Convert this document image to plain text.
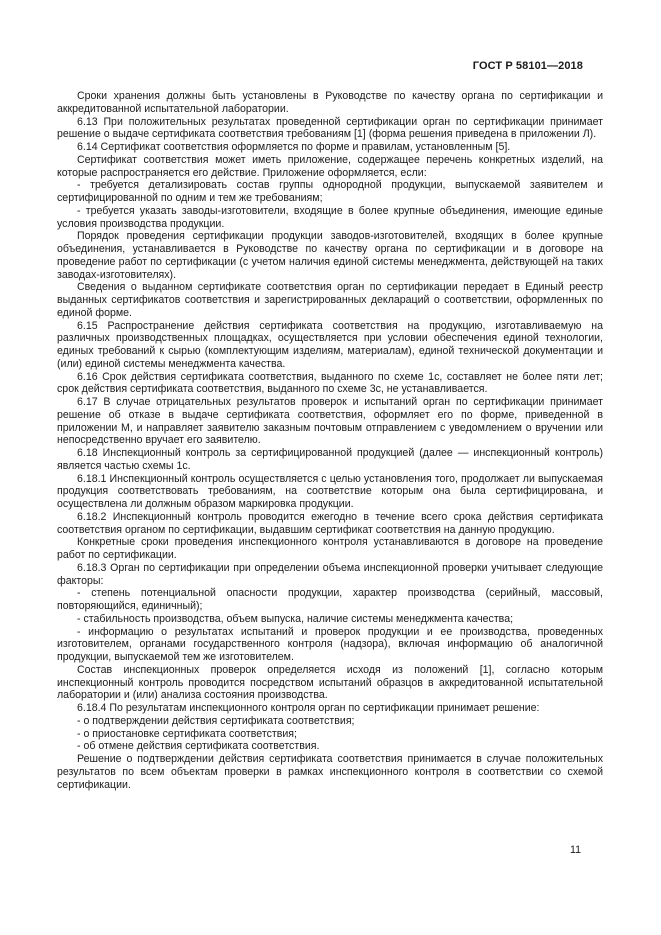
ГОСТ Р 58101—2018

Сроки хранения должны быть установлены в Руководстве по качеству органа по сертификации и аккредитованной испытательной лаборатории.

6.13 При положительных результатах проведенной сертификации орган по сертификации принимает решение о выдаче сертификата соответствия требованиям [1] (форма решения приведена в приложении Л).

6.14 Сертификат соответствия оформляется по форме и правилам, установленным [5].

Сертификат соответствия может иметь приложение, содержащее перечень конкретных изделий, на которые распространяется его действие. Приложение оформляется, если:

- требуется детализировать состав группы однородной продукции, выпускаемой заявителем и сертифицированной по одним и тем же требованиям;

- требуется указать заводы-изготовители, входящие в более крупные объединения, имеющие единые условия производства продукции.

Порядок проведения сертификации продукции заводов-изготовителей, входящих в более крупные объединения, устанавливается в Руководстве по качеству органа по сертификации и в договоре на проведение работ по сертификации (с учетом наличия единой системы менеджмента, действующей на таких заводах-изготовителях).

Сведения о выданном сертификате соответствия орган по сертификации передает в Единый реестр выданных сертификатов соответствия и зарегистрированных деклараций о соответствии, оформленных по единой форме.

6.15 Распространение действия сертификата соответствия на продукцию, изготавливаемую на различных производственных площадках, осуществляется при условии обеспечения единой технологии, единых требований к сырью (комплектующим изделиям, материалам), единой технической документации и (или) единой системы менеджмента качества.

6.16 Срок действия сертификата соответствия, выданного по схеме 1с, составляет не более пяти лет; срок действия сертификата соответствия, выданного по схеме 3с, не устанавливается.

6.17 В случае отрицательных результатов проверок и испытаний орган по сертификации принимает решение об отказе в выдаче сертификата соответствия, оформляет его по форме, приведенной в приложении М, и направляет заявителю заказным почтовым отправлением с уведомлением о вручении или непосредственно вручает его заявителю.

6.18 Инспекционный контроль за сертифицированной продукцией (далее — инспекционный контроль) является частью схемы 1с.

6.18.1 Инспекционный контроль осуществляется с целью установления того, продолжает ли выпускаемая продукция соответствовать требованиям, на соответствие которым она была сертифицирована, и осуществлена ли должным образом маркировка продукции.

6.18.2 Инспекционный контроль проводится ежегодно в течение всего срока действия сертификата соответствия органом по сертификации, выдавшим сертификат соответствия на данную продукцию.

Конкретные сроки проведения инспекционного контроля устанавливаются в договоре на проведение работ по сертификации.

6.18.3 Орган по сертификации при определении объема инспекционной проверки учитывает следующие факторы:

- степень потенциальной опасности продукции, характер производства (серийный, массовый, повторяющийся, единичный);

- стабильность производства, объем выпуска, наличие системы менеджмента качества;

- информацию о результатах испытаний и проверок продукции и ее производства, проведенных изготовителем, органами государственного контроля (надзора), включая информацию об аналогичной продукции, выпускаемой тем же изготовителем.

Состав инспекционных проверок определяется исходя из положений [1], согласно которым инспекционный контроль проводится посредством испытаний образцов в аккредитованной испытательной лаборатории и (или) анализа состояния производства.

6.18.4 По результатам инспекционного контроля орган по сертификации принимает решение:

- о подтверждении действия сертификата соответствия;

- о приостановке сертификата соответствия;

- об отмене действия сертификата соответствия.

Решение о подтверждении действия сертификата соответствия принимается в случае положительных результатов по всем объектам проверки в рамках инспекционного контроля в соответствии со схемой сертификации.

11
